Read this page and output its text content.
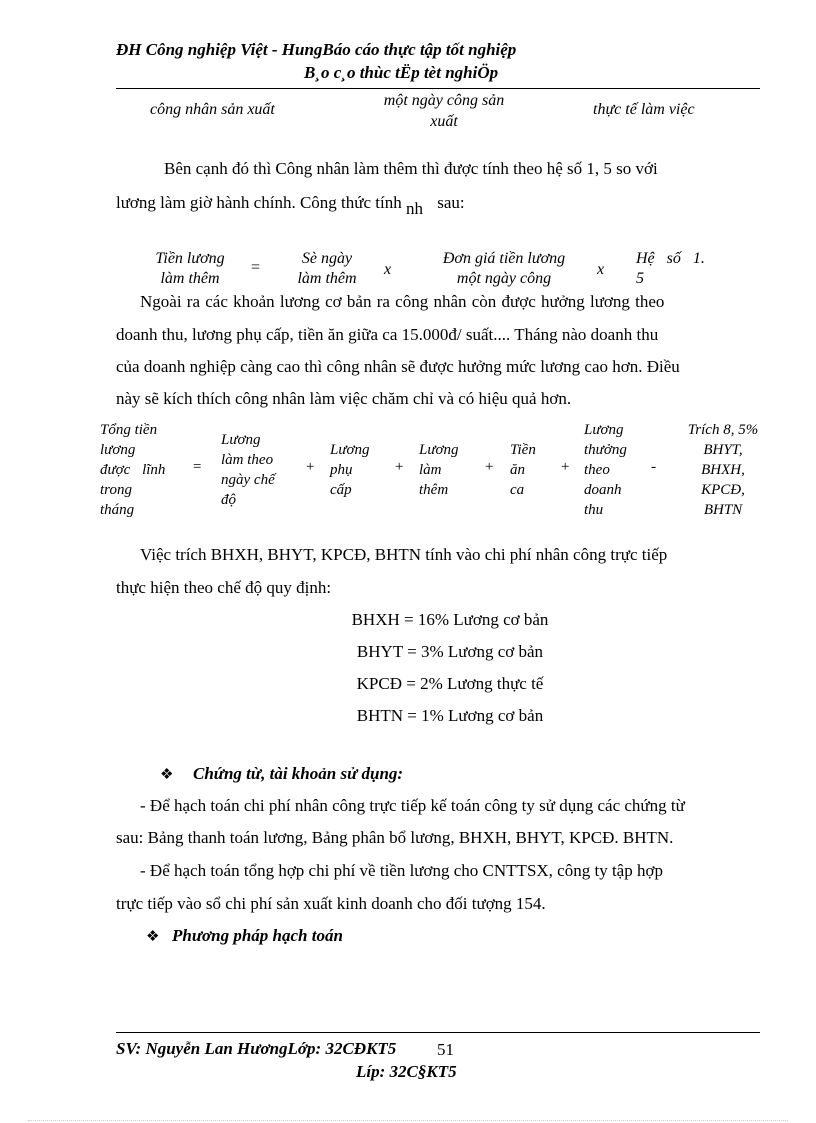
ĐH Công nghiệp Việt - HungBáo cáo thực tập tốt nghiệp
B¸o c¸o thùc tËp tèt nghiÖp
công nhân sản xuất
một ngày công sản
xuất
thực tế làm việc
Bên cạnh đó thì Công nhân làm thêm thì được tính theo hệ số 1, 5 so với
lương làm giờ hành chính. Công thức tính nh sau:
Tiền lương
làm thêm
=
Sè ngày
làm thêm
x
Đơn giá tiền lương
một ngày công
x
Hệ số 1.
5
Ngoài ra các khoản lương cơ bản ra công nhân còn được hưởng lương theo
doanh thu, lương phụ cấp, tiền ăn giữa ca 15.000đ/ suất.... Tháng nào doanh thu
của doanh nghiệp càng cao thì công nhân sẽ được hưởng mức lương cao hơn. Điều
này sẽ kích thích công nhân làm việc chăm chỉ và có hiệu quả hơn.
Tổng tiền
lương
được lĩnh
trong
tháng
=
Lương
làm theo
ngày chế
độ
+
Lương
phụ
cấp
+
Lương
làm
thêm
+
Tiền
ăn
ca
+
Lương
thưởng
theo
doanh
thu
-
Trích 8, 5%
BHYT,
BHXH,
KPCĐ,
BHTN
Việc trích BHXH, BHYT, KPCĐ, BHTN tính vào chi phí nhân công trực tiếp
thực hiện theo chế độ quy định:
BHXH = 16% Lương cơ bản
BHYT = 3% Lương cơ bản
KPCĐ = 2% Lương thực tế
BHTN = 1% Lương cơ bản
❖ Chứng từ, tài khoản sử dụng:
- Để hạch toán chi phí nhân công trực tiếp kế toán công ty sử dụng các chứng từ
sau: Bảng thanh toán lương, Bảng phân bổ lương, BHXH, BHYT, KPCĐ. BHTN.
- Để hạch toán tổng hợp chi phí về tiền lương cho CNTTSX, công ty tập hợp
trực tiếp vào sổ chi phí sản xuất kinh doanh cho đối tượng 154.
❖ Phương pháp hạch toán
SV: Nguyễn Lan HươngLớp: 32CĐKT5 51
Líp: 32C§KT5
